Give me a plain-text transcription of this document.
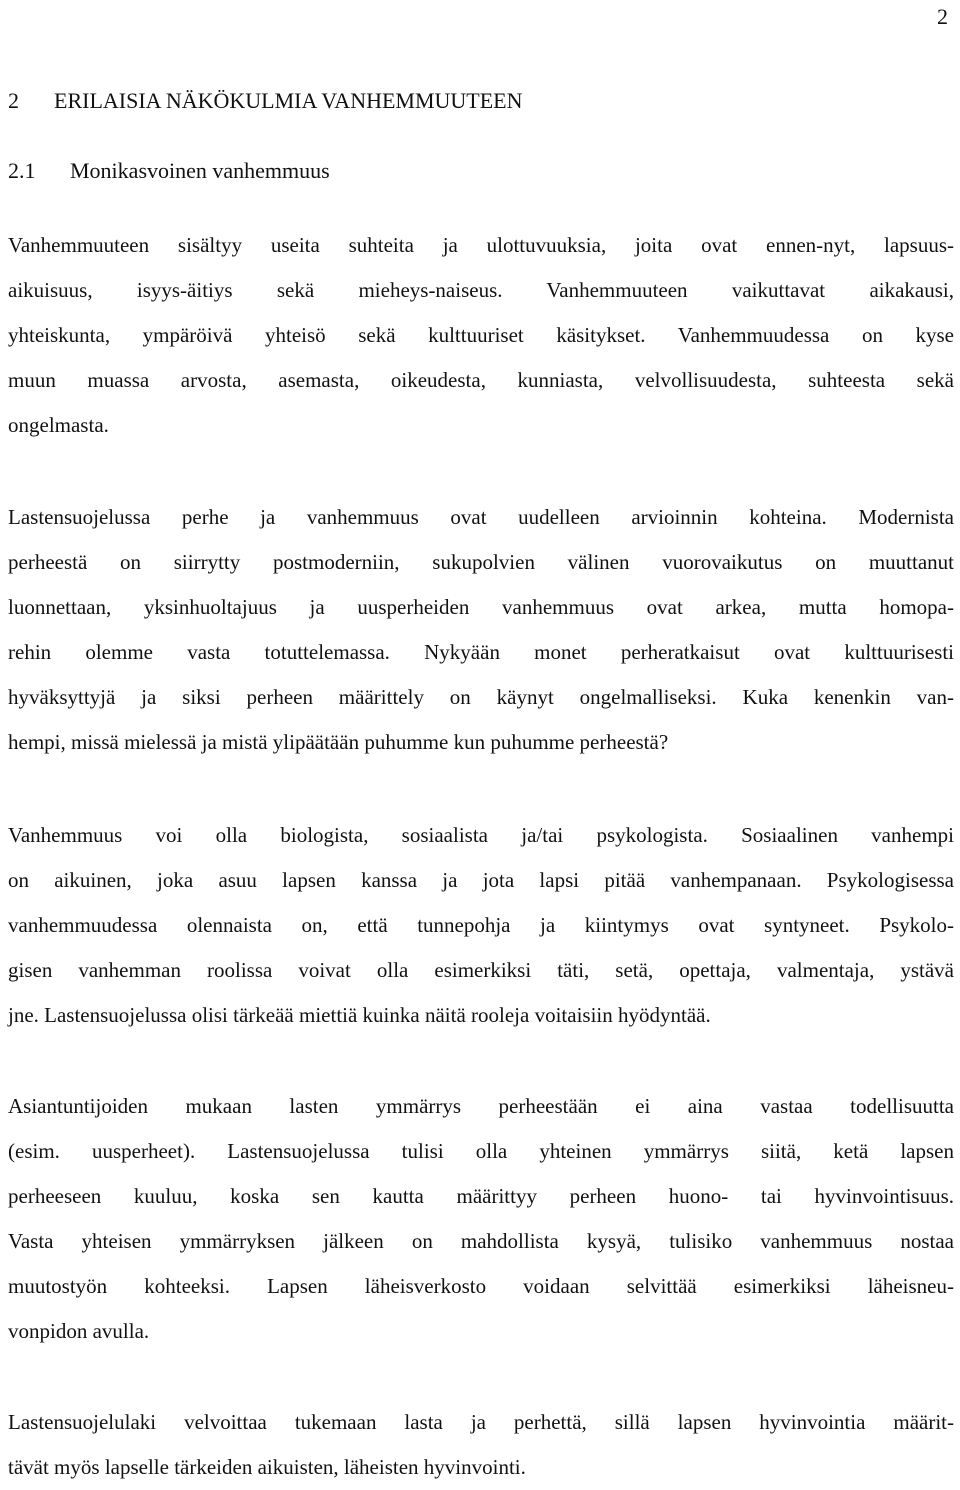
2
2 ERILAISIA NÄKÖKULMIA VANHEMMUUTEEN
2.1 Monikasvoinen vanhemmuus

Vanhemmuuteen sisältyy useita suhteita ja ulottuvuuksia, joita ovat ennen-nyt, lapsuus-
aikuisuus, isyys-äitiys sekä mieheys-naiseus. Vanhemmuuteen vaikuttavat aikakausi,
yhteiskunta, ympäröivä yhteisö sekä kulttuuriset käsitykset. Vanhemmuudessa on kyse
muun muassa arvosta, asemasta, oikeudesta, kunniasta, velvollisuudesta, suhteesta sekä
ongelmasta.

Lastensuojelussa perhe ja vanhemmuus ovat uudelleen arvioinnin kohteina. Modernista
perheestä on siirrytty postmoderniin, sukupolvien välinen vuorovaikutus on muuttanut
luonnettaan, yksinhuoltajuus ja uusperheiden vanhemmuus ovat arkea, mutta homopa-
rehin olemme vasta totuttelemassa. Nykyään monet perheratkaisut ovat kulttuurisesti
hyväksyttyjä ja siksi perheen määrittely on käynyt ongelmalliseksi. Kuka kenenkin van-
hempi, missä mielessä ja mistä ylipäätään puhumme kun puhumme perheestä?

Vanhemmuus voi olla biologista, sosiaalista ja/tai psykologista. Sosiaalinen vanhempi
on aikuinen, joka asuu lapsen kanssa ja jota lapsi pitää vanhempanaan. Psykologisessa
vanhemmuudessa olennaista on, että tunnepohja ja kiintymys ovat syntyneet. Psykolo-
gisen vanhemman roolissa voivat olla esimerkiksi täti, setä, opettaja, valmentaja, ystävä
jne. Lastensuojelussa olisi tärkeää miettiä kuinka näitä rooleja voitaisiin hyödyntää.

Asiantuntijoiden mukaan lasten ymmärrys perheestään ei aina vastaa todellisuutta
(esim. uusperheet). Lastensuojelussa tulisi olla yhteinen ymmärrys siitä, ketä lapsen
perheeseen kuuluu, koska sen kautta määrittyy perheen huono- tai hyvinvointisuus.
Vasta yhteisen ymmärryksen jälkeen on mahdollista kysyä, tulisiko vanhemmuus nostaa
muutostyön kohteeksi. Lapsen läheisverkosto voidaan selvittää esimerkiksi läheisneu-
vonpidon avulla.

Lastensuojelulaki velvoittaa tukemaan lasta ja perhettä, sillä lapsen hyvinvointia määrit-
tävät myös lapselle tärkeiden aikuisten, läheisten hyvinvointi.
